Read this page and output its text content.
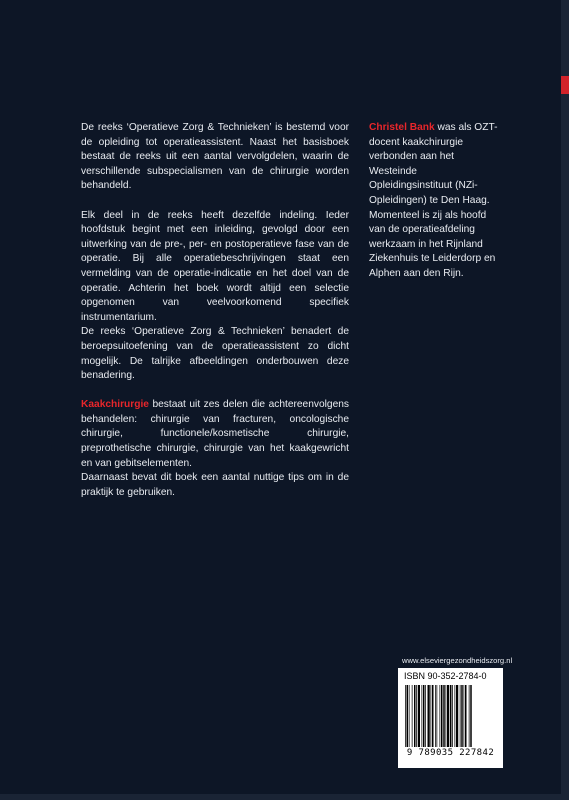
De reeks ‘Operatieve Zorg & Technieken’ is bestemd voor de opleiding tot operatieassistent. Naast het basisboek bestaat de reeks uit een aantal vervolgdelen, waarin de verschillende subspecialismen van de chirurgie worden behandeld.

Elk deel in de reeks heeft dezelfde indeling. Ieder hoofdstuk begint met een inleiding, gevolgd door een uitwerking van de pre-, per- en postoperatieve fase van de operatie. Bij alle operatiebeschrijvingen staat een vermelding van de operatie-indicatie en het doel van de operatie. Achterin het boek wordt altijd een selectie opgenomen van veelvoorkomend specifiek instrumentarium.

De reeks ‘Operatieve Zorg & Technieken’ benadert de beroepsuitoefening van de operatieassistent zo dicht mogelijk. De talrijke afbeeldingen onderbouwen deze benadering.

Kaakchirurgie bestaat uit zes delen die achtereenvolgens behandelen: chirurgie van fracturen, oncologische chirurgie, functionele/kosmetische chirurgie, preprothetische chirurgie, chirurgie van het kaakgewricht en van gebitselementen.

Daarnaast bevat dit boek een aantal nuttige tips om in de praktijk te gebruiken.

Christel Bank was als OZT-docent kaakchirurgie verbonden aan het Westeinde Opleidingsinstituut (NZi-Opleidingen) te Den Haag. Momenteel is zij als hoofd van de operatieafdeling werkzaam in het Rijnland Ziekenhuis te Leiderdorp en Alphen aan den Rijn.
www.elseviergezondheidszorg.nl
ISBN 90-352-2784-0
9 789035 227842
